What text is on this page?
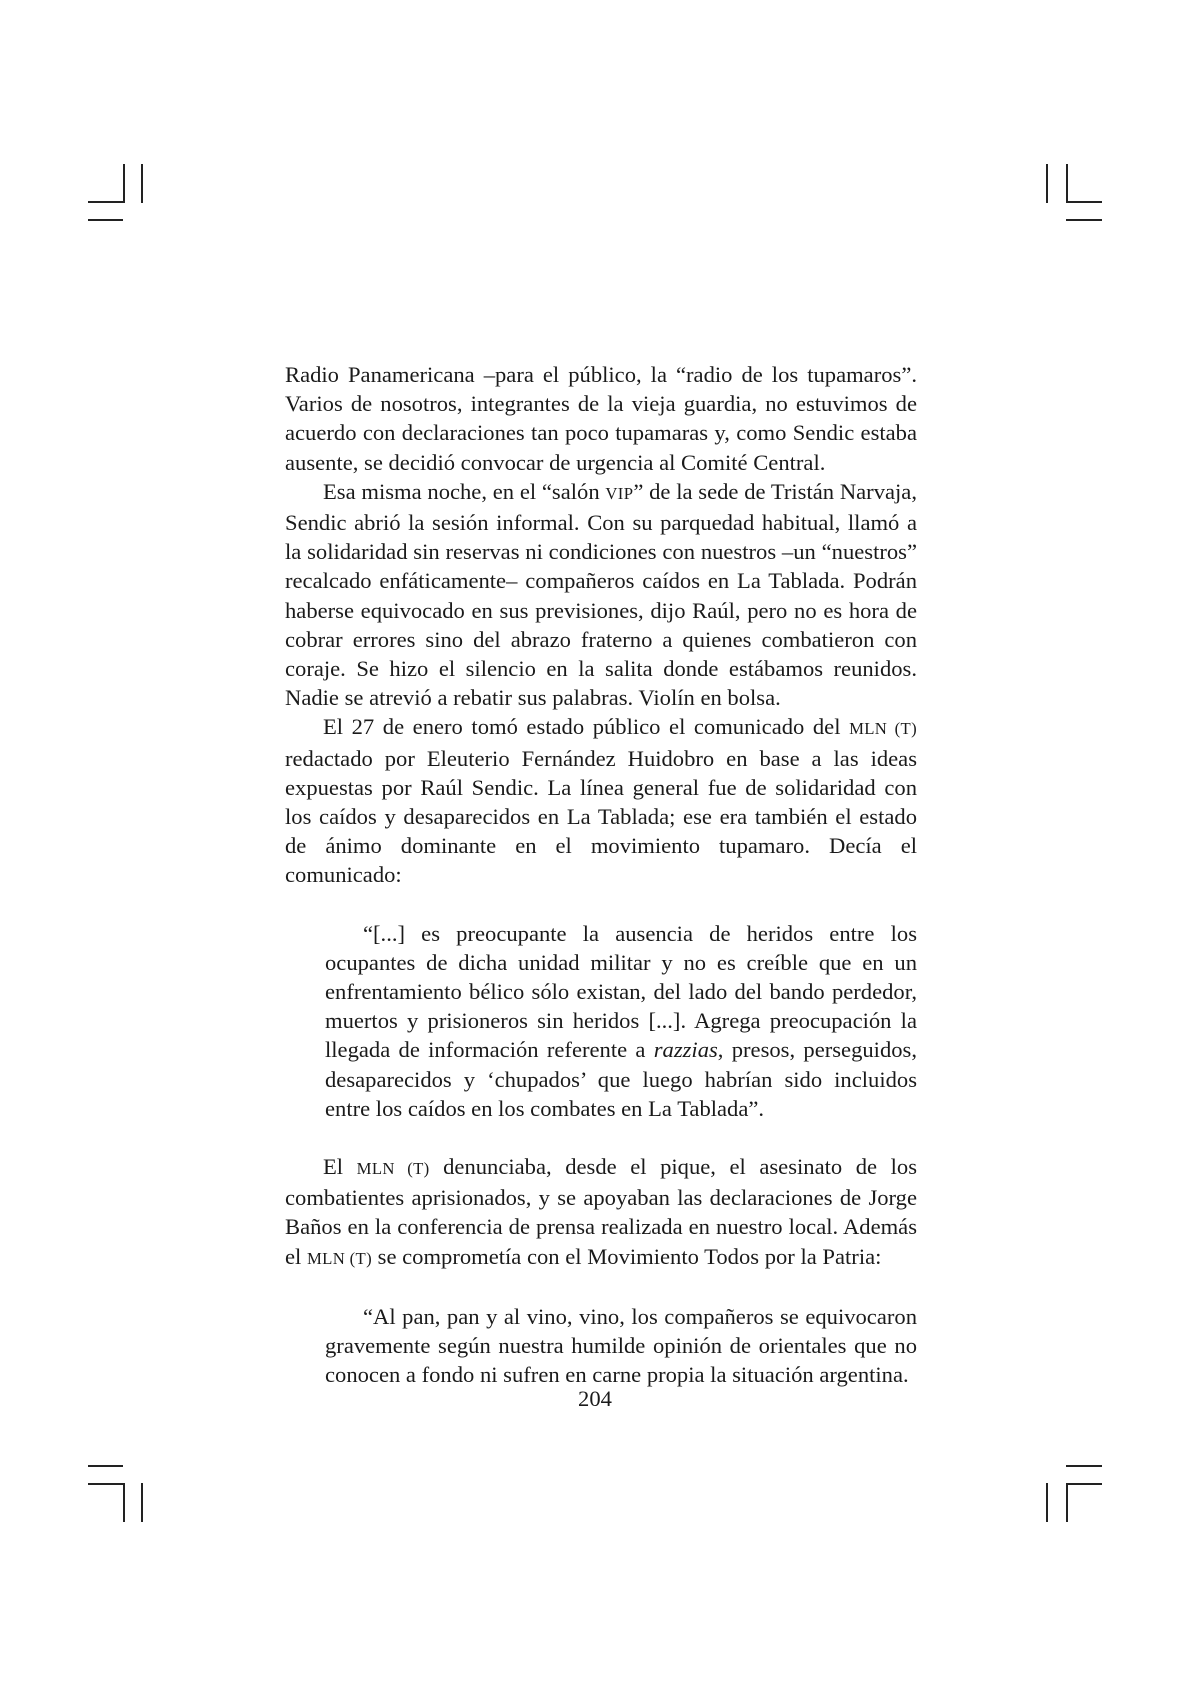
Radio Panamericana –para el público, la “radio de los tupamaros”. Varios de nosotros, integrantes de la vieja guardia, no estuvimos de acuerdo con declaraciones tan poco tupamaras y, como Sendic estaba ausente, se decidió convocar de urgencia al Comité Central.

Esa misma noche, en el “salón VIP” de la sede de Tristán Narvaja, Sendic abrió la sesión informal. Con su parquedad habitual, llamó a la solidaridad sin reservas ni condiciones con nuestros –un “nuestros” recalcado enfáticamente– compañeros caídos en La Tablada. Podrán haberse equivocado en sus previsiones, dijo Raúl, pero no es hora de cobrar errores sino del abrazo fraterno a quienes combatieron con coraje. Se hizo el silencio en la salita donde estábamos reunidos. Nadie se atrevió a rebatir sus palabras. Violín en bolsa.

El 27 de enero tomó estado público el comunicado del MLN (T) redactado por Eleuterio Fernández Huidobro en base a las ideas expuestas por Raúl Sendic. La línea general fue de solidaridad con los caídos y desaparecidos en La Tablada; ese era también el estado de ánimo dominante en el movimiento tupamaro. Decía el comunicado:

“[...] es preocupante la ausencia de heridos entre los ocupantes de dicha unidad militar y no es creíble que en un enfrentamiento bélico sólo existan, del lado del bando perdedor, muertos y prisioneros sin heridos [...]. Agrega preocupación la llegada de información referente a razzias, presos, perseguidos, desaparecidos y ‘chupados’ que luego habrían sido incluidos entre los caídos en los combates en La Tablada”.

El MLN (T) denunciaba, desde el pique, el asesinato de los combatientes aprisionados, y se apoyaban las declaraciones de Jorge Baños en la conferencia de prensa realizada en nuestro local. Además el MLN (T) se comprometía con el Movimiento Todos por la Patria:

“Al pan, pan y al vino, vino, los compañeros se equivocaron gravemente según nuestra humilde opinión de orientales que no conocen a fondo ni sufren en carne propia la situación argentina.

204
